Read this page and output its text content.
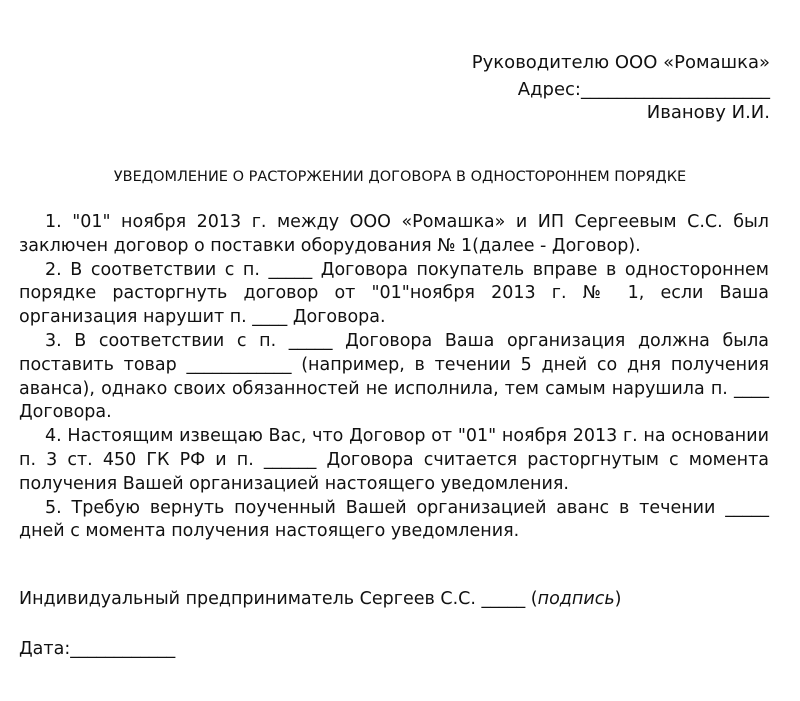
Руководителю ООО «Ромашка»
Адрес:_____________________
Иванову И.И.
УВЕДОМЛЕНИЕ О РАСТОРЖЕНИИ ДОГОВОРА В ОДНОСТОРОННЕМ ПОРЯДКЕ

1. "01" ноября 2013 г. между ООО «Ромашка» и ИП Сергеевым С.С. был заключен договор о поставки оборудования № 1(далее - Договор).

2. В соответствии с п. _____ Договора покупатель вправе в одностороннем порядке расторгнуть договор от "01"ноября 2013 г. № 1, если Ваша организация нарушит п. ____ Договора.

3. В соответствии с п. _____ Договора Ваша организация должна была поставить товар ____________ (например, в течении 5 дней со дня получения аванса), однако своих обязанностей не исполнила, тем самым нарушила п. ____ Договора.

4. Настоящим извещаю Вас, что Договор от "01" ноября 2013 г. на основании п. 3 ст. 450 ГК РФ и п. ______ Договора считается расторгнутым с момента получения Вашей организацией настоящего уведомления.

5. Требую вернуть поученный Вашей организацией аванс в течении _____ дней с момента получения настоящего уведомления.

Индивидуальный предприниматель Сергеев С.С. _____ (подпись)
Дата:____________
